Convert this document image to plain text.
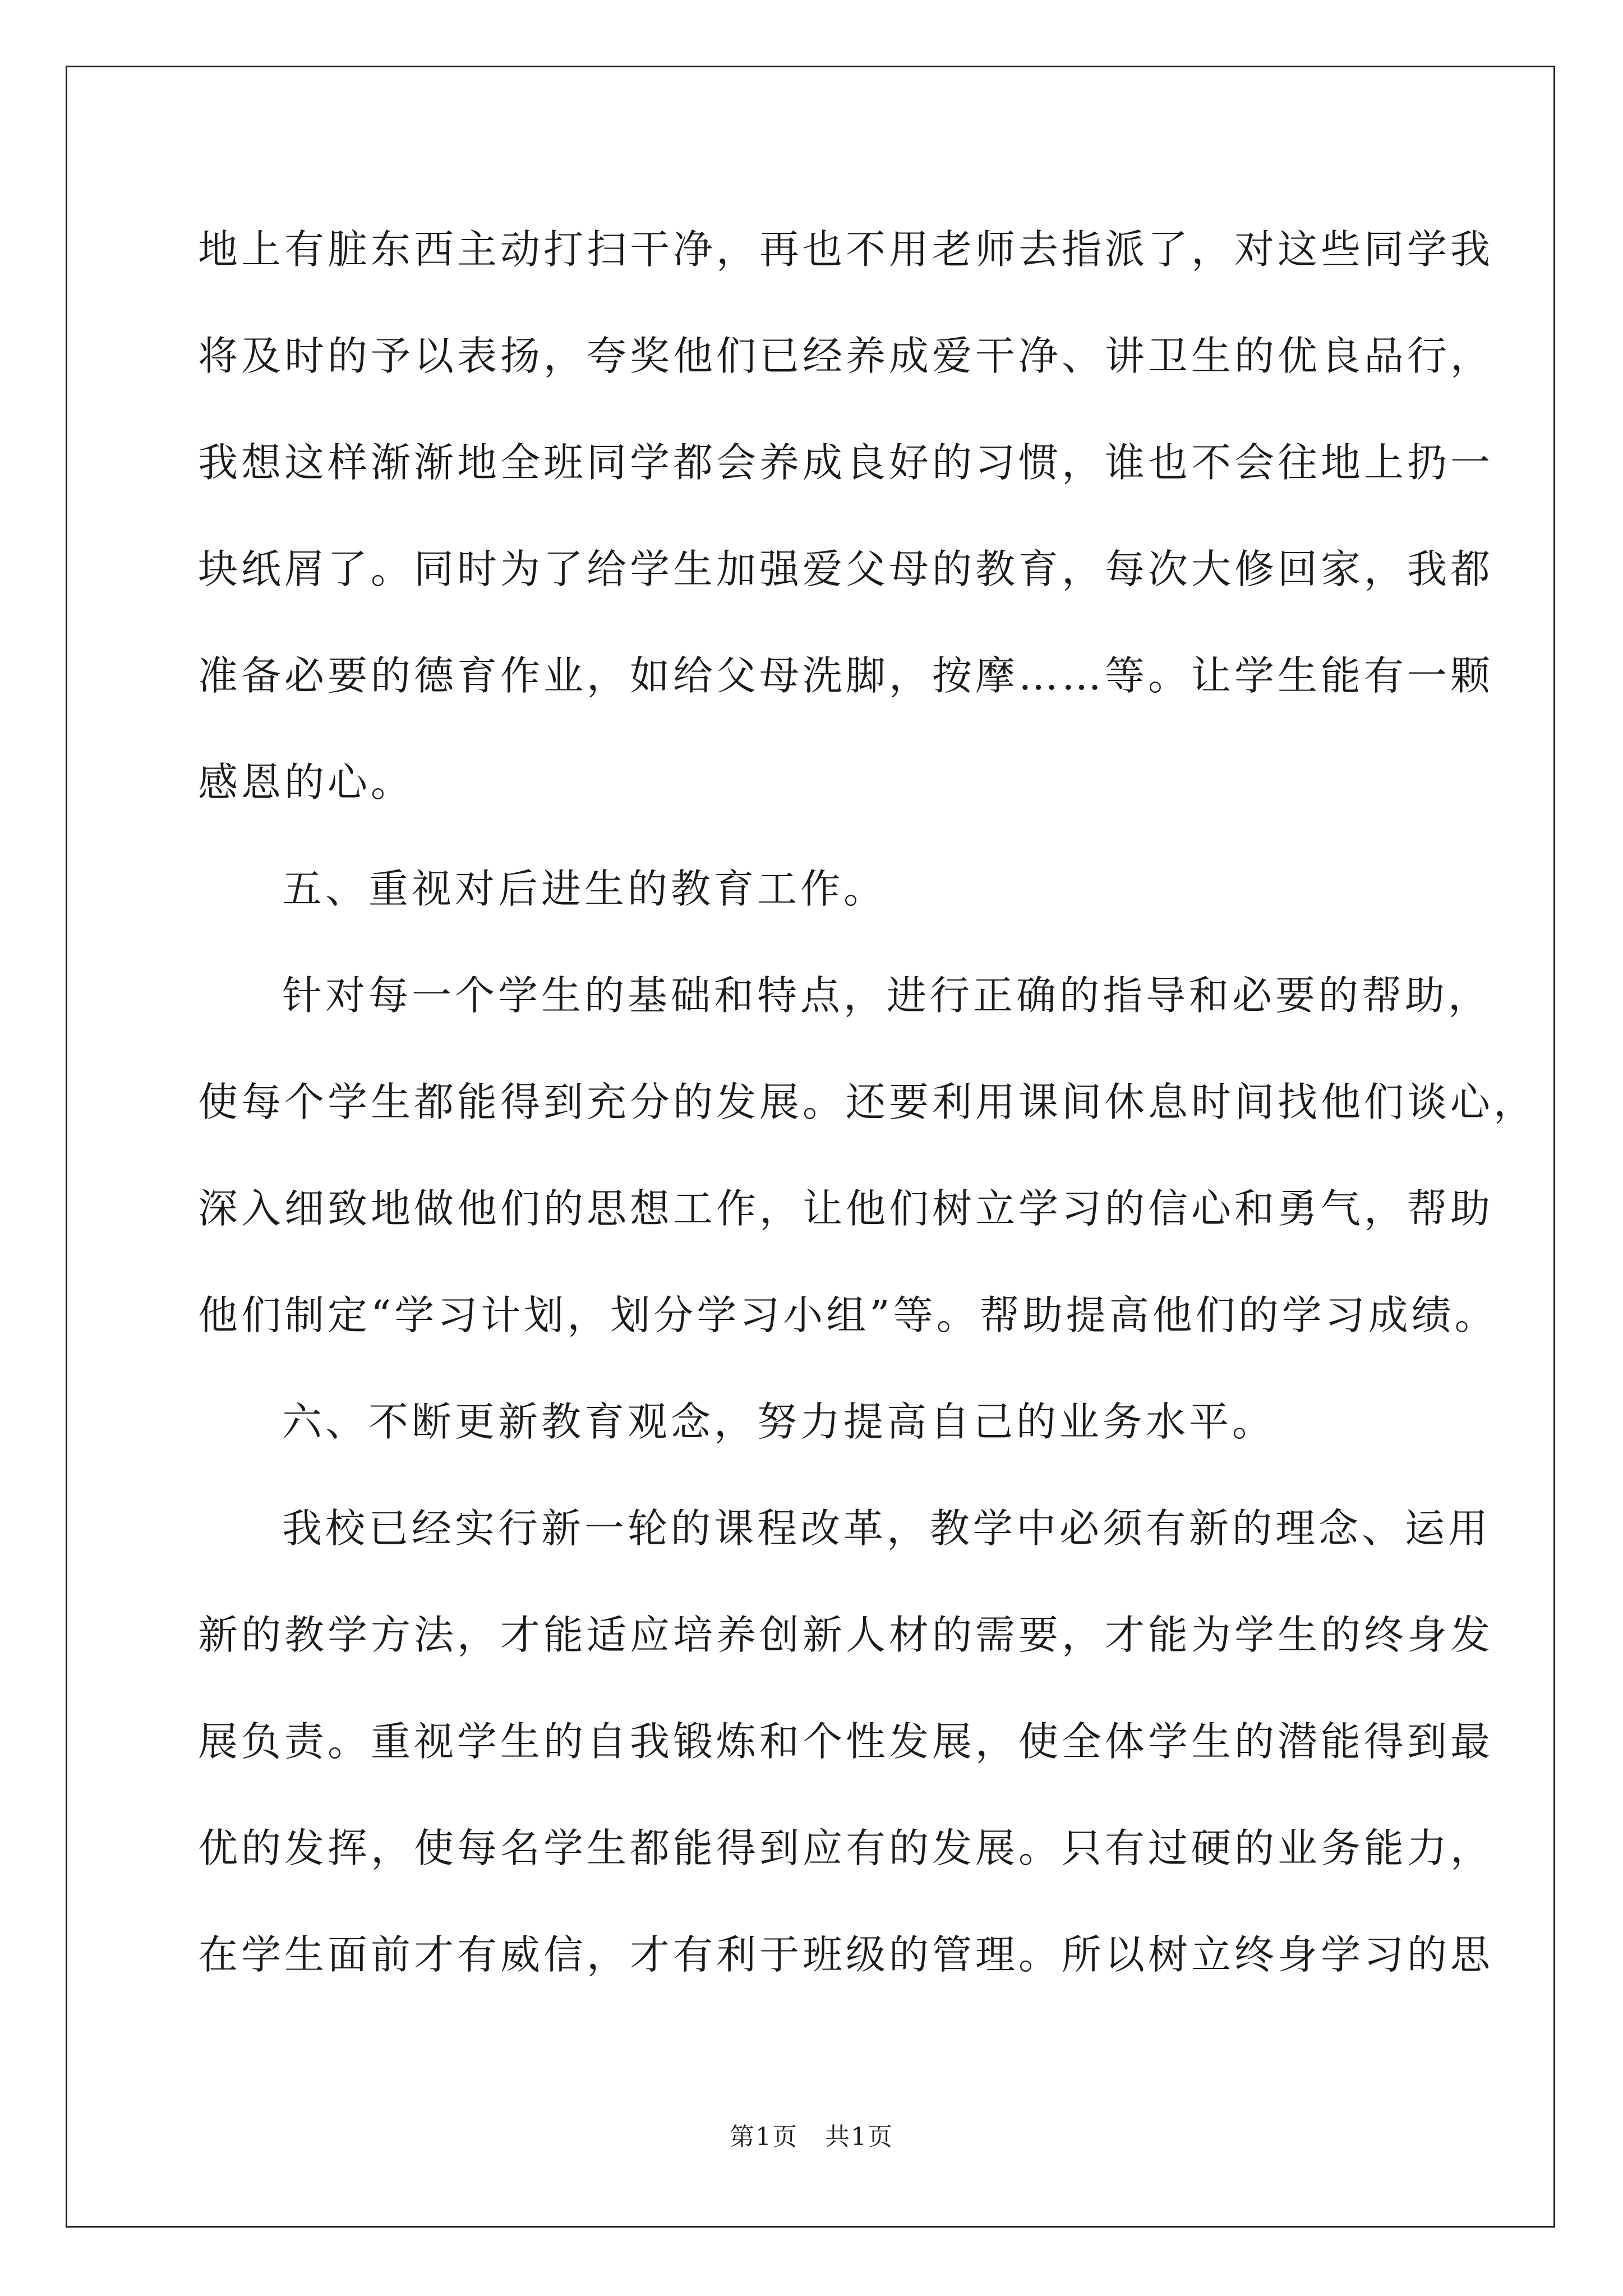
地上有脏东西主动打扫干净，再也不用老师去指派了，对这些同学我
将及时的予以表扬，夸奖他们已经养成爱干净、讲卫生的优良品行，
我想这样渐渐地全班同学都会养成良好的习惯，谁也不会往地上扔一
块纸屑了。同时为了给学生加强爱父母的教育，每次大修回家，我都
准备必要的德育作业，如给父母洗脚，按摩……等。让学生能有一颗
感恩的心。
五、重视对后进生的教育工作。
针对每一个学生的基础和特点，进行正确的指导和必要的帮助，
使每个学生都能得到充分的发展。还要利用课间休息时间找他们谈心，
深入细致地做他们的思想工作，让他们树立学习的信心和勇气，帮助
他们制定“学习计划，划分学习小组”等。帮助提高他们的学习成绩。
六、不断更新教育观念，努力提高自己的业务水平。
我校已经实行新一轮的课程改革，教学中必须有新的理念、运用
新的教学方法，才能适应培养创新人材的需要，才能为学生的终身发
展负责。重视学生的自我锻炼和个性发展，使全体学生的潜能得到最
优的发挥，使每名学生都能得到应有的发展。只有过硬的业务能力，
在学生面前才有威信，才有利于班级的管理。所以树立终身学习的思
第1页 共1页
